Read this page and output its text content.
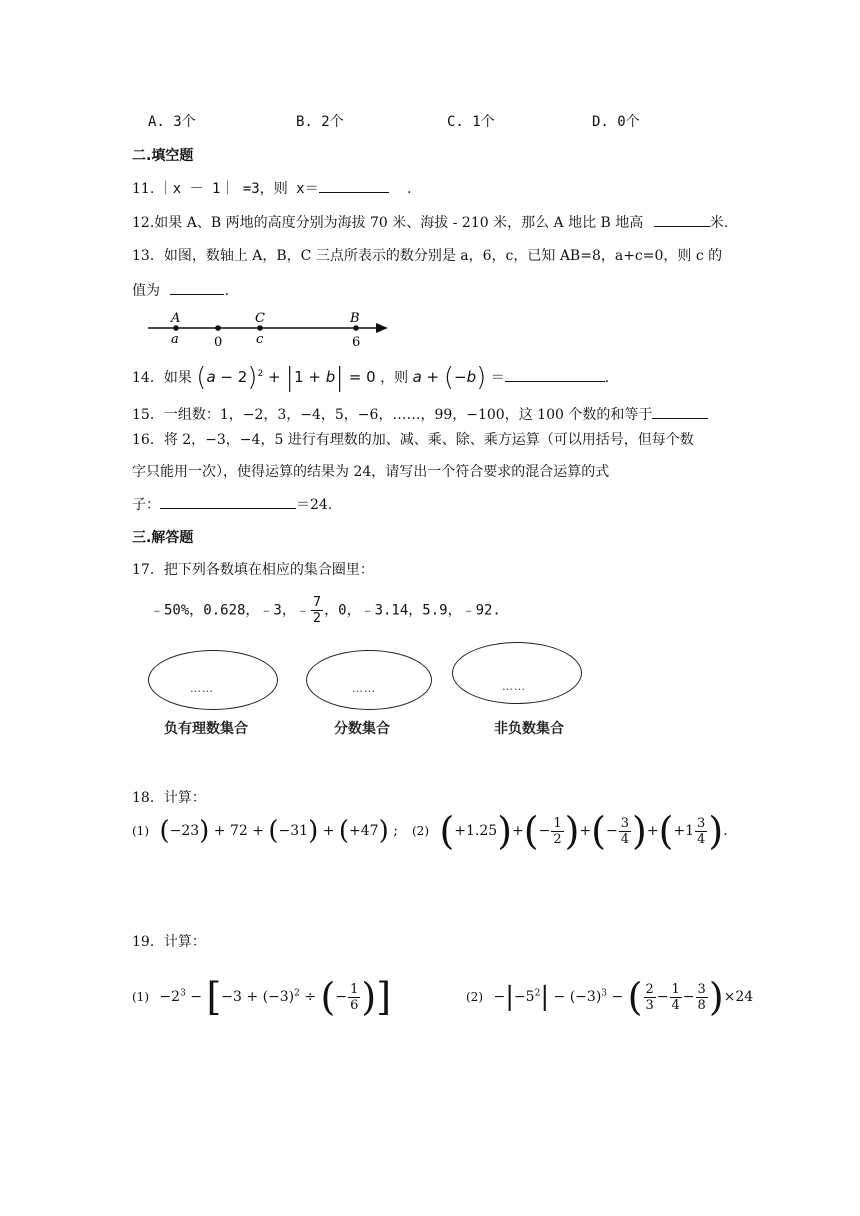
A. 3个	B. 2个	C. 1个	D. 0个
二.填空题
11. ｜x － 1｜ =3，则 x＝	.
12.如果 A、B 两地的高度分别为海拔 70 米、海拔 - 210 米，那么 A 地比 B 地高	米.
13．如图，数轴上 A，B，C 三点所表示的数分别是 a，6，c，已知 AB=8，a+c=0，则 c 的
值为	.
A	C	B
a	0	c	6
14．如果 $(a - 2)^2 + |1 + b| = 0$ ，则 a + (−b) ＝	.
15．一组数：1，−2，3，−4，5，−6，……，99，−100，这 100 个数的和等于
16．将 2，−3，−4，5 进行有理数的加、减、乘、除、乘方运算（可以用括号，但每个数
字只能用一次），使得运算的结果为 24，请写出一个符合要求的混合运算的式
子：	＝24.
三.解答题
17．把下列各数填在相应的集合圈里：
﹣50%，0.628，﹣3，﹣ $\frac{7}{2}$ ，0，﹣3.14，5.9，﹣92.
……
负有理数集合
……
分数集合
……
非负数集合
18．计算：
(1) (−23) + 72 + (−31) + (+47) ; (2) $(+1.25)+(- \frac{1}{2}$ )+(− $\frac{3}{4} )+(+1 \frac{3}{4}$ ).
19．计算：
$(1) -2^3 - [-3 + (-3)^2$ ÷ (− $\frac{1}{6}$ )]	$(2) -|-5^2| - (-3)^3$ − ( $\frac{2}{3} - \frac{1}{4} - \frac{3}{8} )\times 24$
